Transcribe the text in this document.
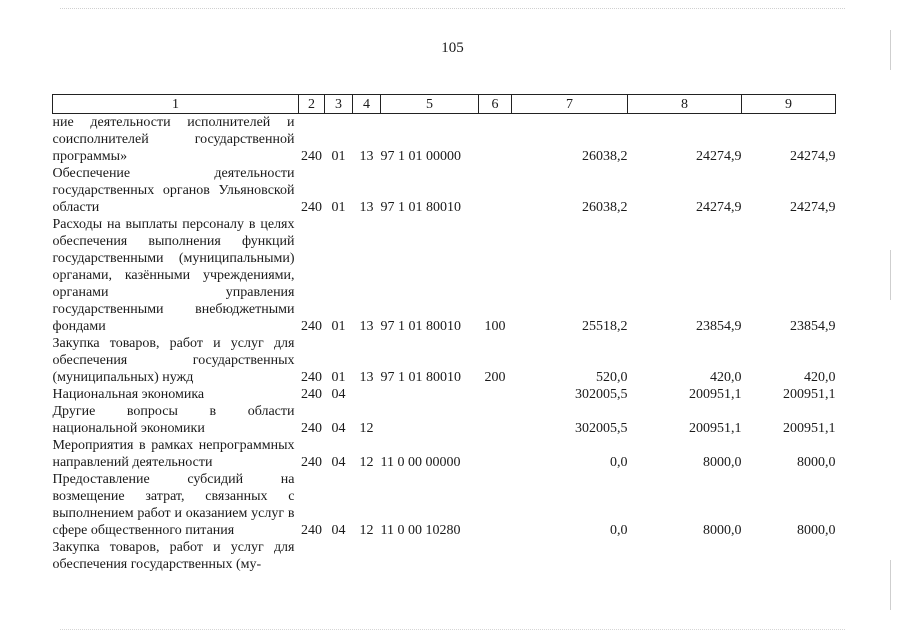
105
1	2	3	4	5	6	7	8	9
ние деятельности исполнителей и соисполнителей государственной программы»	240	01	13	97 1 01 00000		26038,2	24274,9	24274,9
Обеспечение деятельности государственных органов Ульяновской области	240	01	13	97 1 01 80010		26038,2	24274,9	24274,9
Расходы на выплаты персоналу в целях обеспечения выполнения функций государственными (муниципальными) органами, казёнными учреждениями, органами управления государственными внебюджетными фондами	240	01	13	97 1 01 80010	100	25518,2	23854,9	23854,9
Закупка товаров, работ и услуг для обеспечения государственных (муниципальных) нужд	240	01	13	97 1 01 80010	200	520,0	420,0	420,0
Национальная экономика	240	04				302005,5	200951,1	200951,1
Другие вопросы в области национальной экономики	240	04	12			302005,5	200951,1	200951,1
Мероприятия в рамках непрограммных направлений деятельности	240	04	12	11 0 00 00000		0,0	8000,0	8000,0
Предоставление субсидий на возмещение затрат, связанных с выполнением работ и оказанием услуг в сфере общественного питания	240	04	12	11 0 00 10280		0,0	8000,0	8000,0
Закупка товаров, работ и услуг для обеспечения государственных (му-								
